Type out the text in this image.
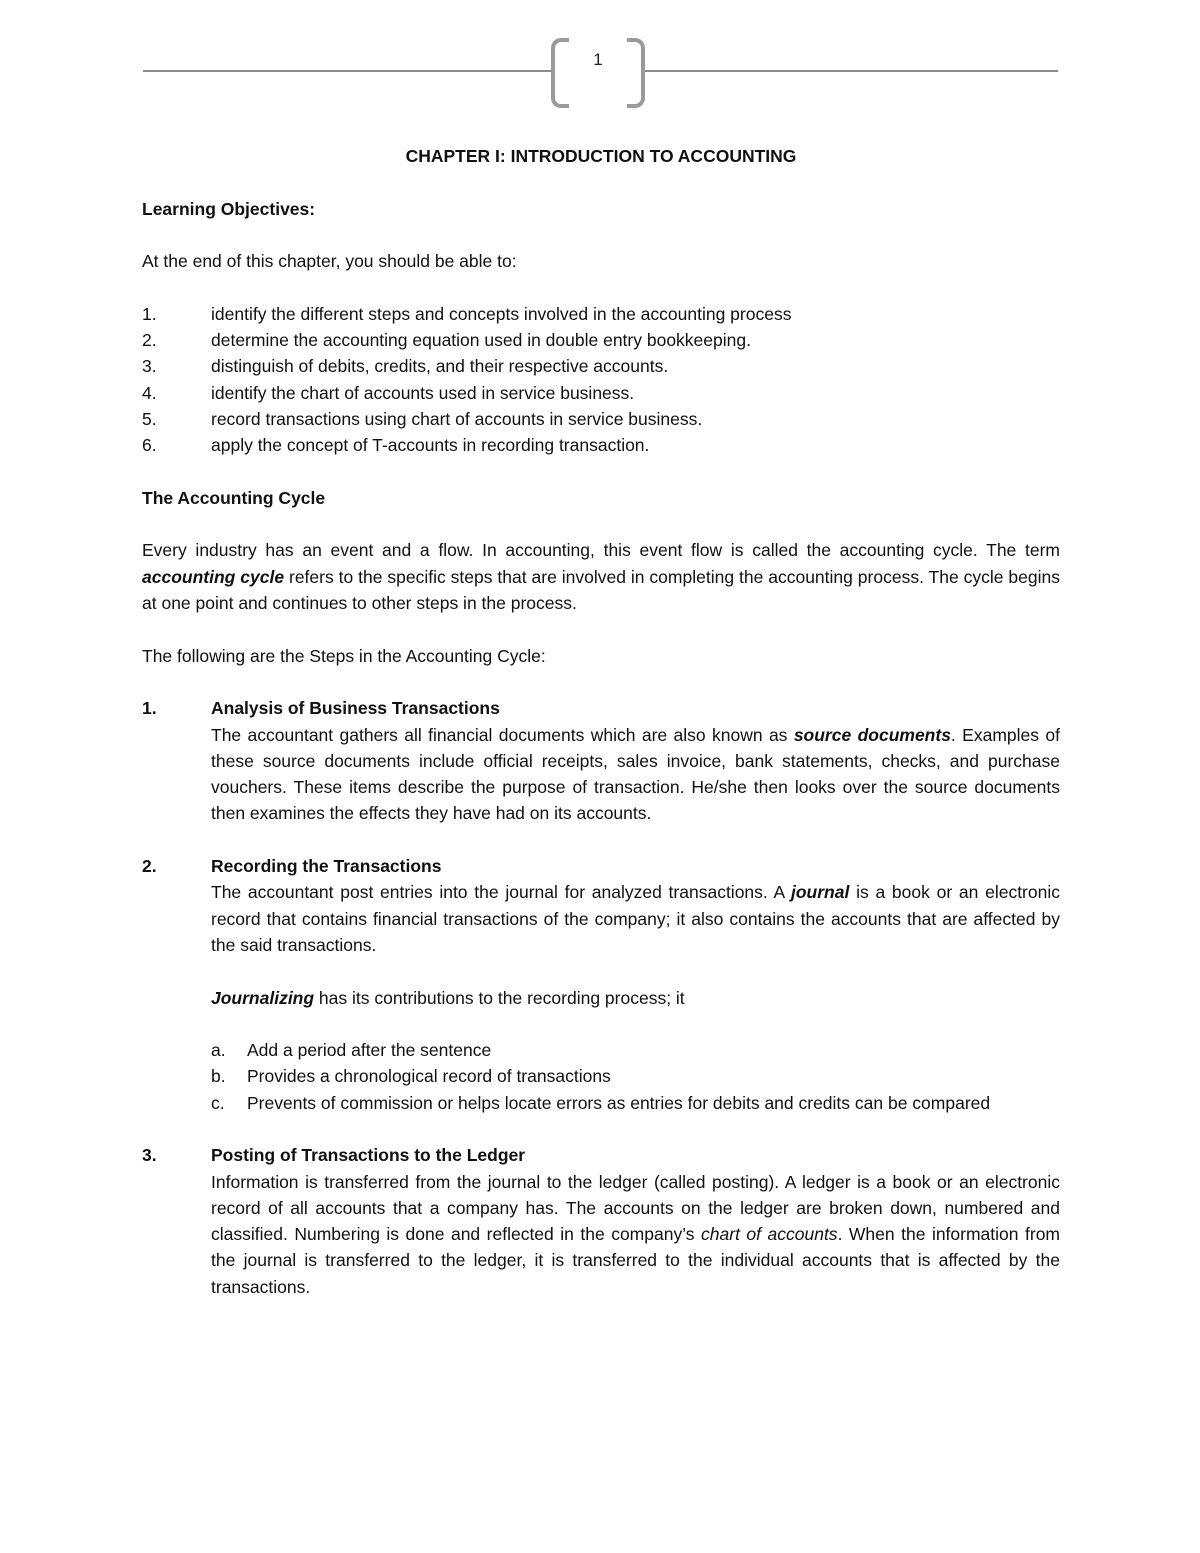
1

CHAPTER I: INTRODUCTION TO ACCOUNTING

Learning Objectives:

At the end of this chapter, you should be able to:

1.	identify the different steps and concepts involved in the accounting process
2.	determine the accounting equation used in double entry bookkeeping.
3.	distinguish of debits, credits, and their respective accounts.
4.	identify the chart of accounts used in service business.
5.	record transactions using chart of accounts in service business.
6.	apply the concept of T-accounts in recording transaction.

The Accounting Cycle

Every industry has an event and a flow. In accounting, this event flow is called the accounting cycle. The term accounting cycle refers to the specific steps that are involved in completing the accounting process. The cycle begins at one point and continues to other steps in the process.

The following are the Steps in the Accounting Cycle:

1.	Analysis of Business Transactions

The accountant gathers all financial documents which are also known as source documents. Examples of these source documents include official receipts, sales invoice, bank statements, checks, and purchase vouchers. These items describe the purpose of transaction. He/she then looks over the source documents then examines the effects they have had on its accounts.

2.	Recording the Transactions

The accountant post entries into the journal for analyzed transactions. A journal is a book or an electronic record that contains financial transactions of the company; it also contains the accounts that are affected by the said transactions.

Journalizing has its contributions to the recording process; it

a.	Add a period after the sentence
b.	Provides a chronological record of transactions
c.	Prevents of commission or helps locate errors as entries for debits and credits can be compared
3.	Posting of Transactions to the Ledger

Information is transferred from the journal to the ledger (called posting). A ledger is a book or an electronic record of all accounts that a company has. The accounts on the ledger are broken down, numbered and classified. Numbering is done and reflected in the company’s chart of accounts. When the information from the journal is transferred to the ledger, it is transferred to the individual accounts that is affected by the transactions.
